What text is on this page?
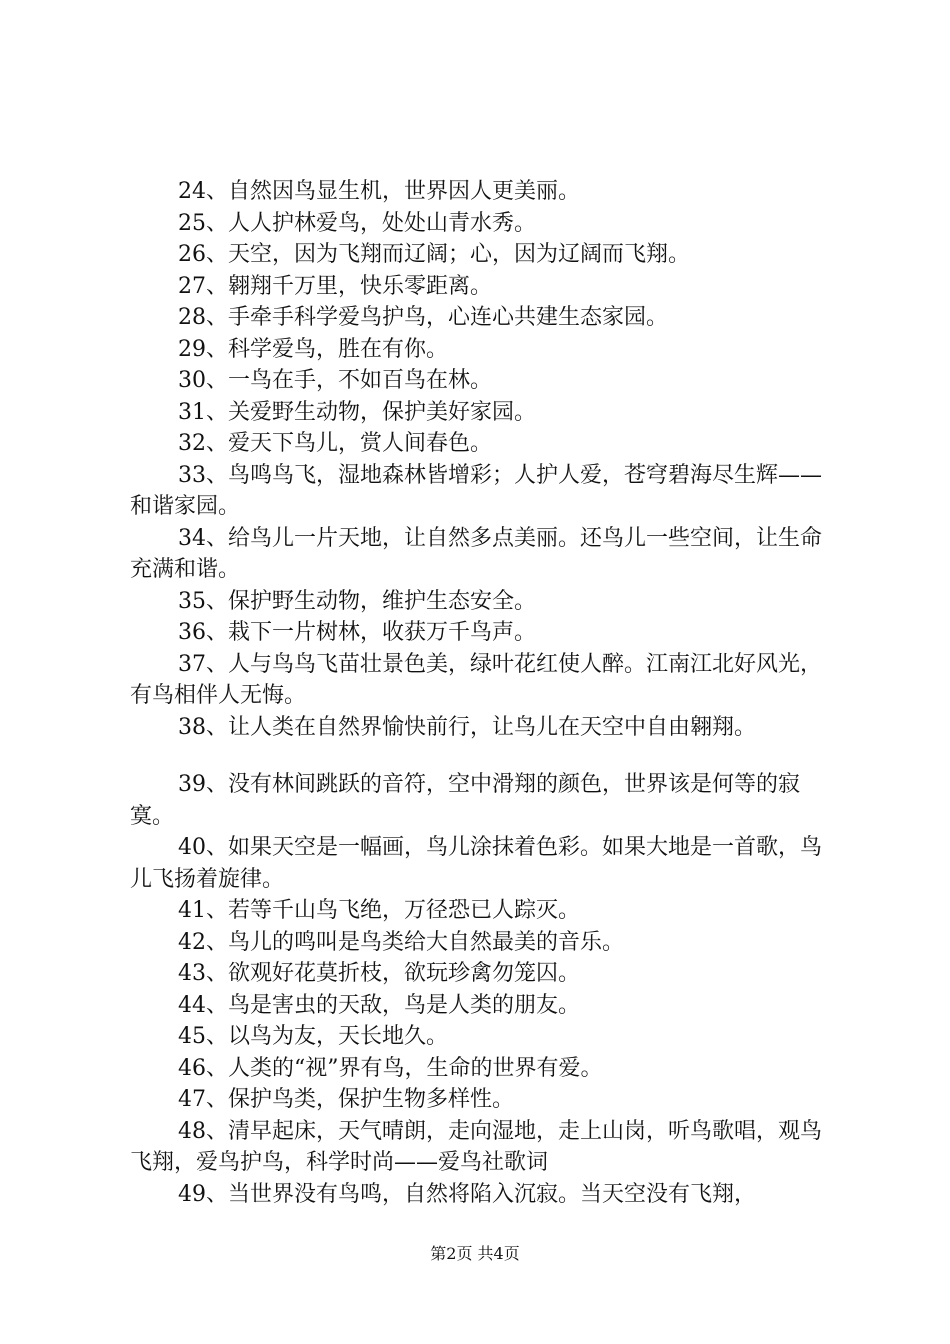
24、自然因鸟显生机，世界因人更美丽。

25、人人护林爱鸟，处处山青水秀。

26、天空，因为飞翔而辽阔；心，因为辽阔而飞翔。

27、翱翔千万里，快乐零距离。

28、手牵手科学爱鸟护鸟，心连心共建生态家园。

29、科学爱鸟，胜在有你。

30、一鸟在手，不如百鸟在林。

31、关爱野生动物，保护美好家园。

32、爱天下鸟儿，赏人间春色。

33、鸟鸣鸟飞，湿地森林皆增彩；人护人爱，苍穹碧海尽生辉——和谐家园。

34、给鸟儿一片天地，让自然多点美丽。还鸟儿一些空间，让生命充满和谐。

35、保护野生动物，维护生态安全。

36、栽下一片树林，收获万千鸟声。

37、人与鸟鸟飞苗壮景色美，绿叶花红使人醉。江南江北好风光，有鸟相伴人无悔。

38、让人类在自然界愉快前行，让鸟儿在天空中自由翱翔。

39、没有林间跳跃的音符，空中滑翔的颜色，世界该是何等的寂寞。

40、如果天空是一幅画，鸟儿涂抹着色彩。如果大地是一首歌，鸟儿飞扬着旋律。

41、若等千山鸟飞绝，万径恐已人踪灭。

42、鸟儿的鸣叫是鸟类给大自然最美的音乐。

43、欲观好花莫折枝，欲玩珍禽勿笼囚。

44、鸟是害虫的天敌，鸟是人类的朋友。

45、以鸟为友，天长地久。

46、人类的“视”界有鸟，生命的世界有爱。

47、保护鸟类，保护生物多样性。

48、清早起床，天气晴朗，走向湿地，走上山岗，听鸟歌唱，观鸟飞翔，爱鸟护鸟，科学时尚——爱鸟社歌词

49、当世界没有鸟鸣，自然将陷入沉寂。当天空没有飞翔，

第2页 共4页
